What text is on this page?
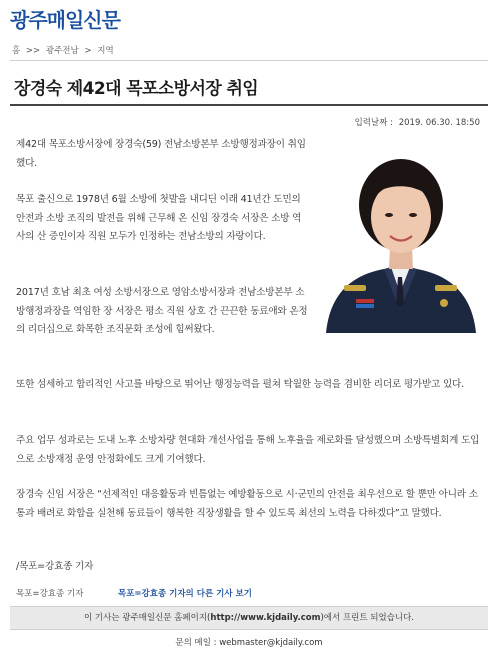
광주매일신문
홈 >> 광주전남 > 지역
장경숙 제42대 목포소방서장 취임
입력날짜 : 2019. 06.30. 18:50
제42대 목포소방서장에 장경숙(59) 전남소방본부 소방행정과장이 취임했다.
목포 출신으로 1978년 6월 소방에 첫발을 내디딘 이래 41년간 도민의 안전과 소방 조직의 발전을 위해 근무해 온 신임 장경숙 서장은 소방 역사의 산 증인이자 직원 모두가 인정하는 전남소방의 자랑이다.
2017년 호남 최초 여성 소방서장으로 영암소방서장과 전남소방본부 소방행정과장을 역임한 장 서장은 평소 직원 상호 간 끈끈한 동료애와 온정의 리더십으로 화목한 조직문화 조성에 힘써왔다.
또한 섬세하고 합리적인 사고를 바탕으로 뛰어난 행정능력을 펼쳐 탁월한 능력을 겸비한 리더로 평가받고 있다.
주요 업무 성과로는 도내 노후 소방차량 현대화 개선사업을 통해 노후율을 제로화를 달성했으며 소방특별회계 도입으로 소방재정 운영 안정화에도 크게 기여했다.
장경숙 신임 서장은 “선제적인 대응활동과 빈틈없는 예방활동으로 시·군민의 안전을 최우선으로 할 뿐만 아니라 소통과 배려로 화합을 실천해 동료들이 행복한 직장생활을 할 수 있도록 최선의 노력을 다하겠다”고 말했다.
/목포=강효종 기자
목포=강효종 기자	목포=강효종 기자의 다른 기사 보기
이 기사는 광주매일신문 홈페이지(http://www.kjdaily.com)에서 프린트 되었습니다.
문의 메일 : webmaster@kjdaily.com
